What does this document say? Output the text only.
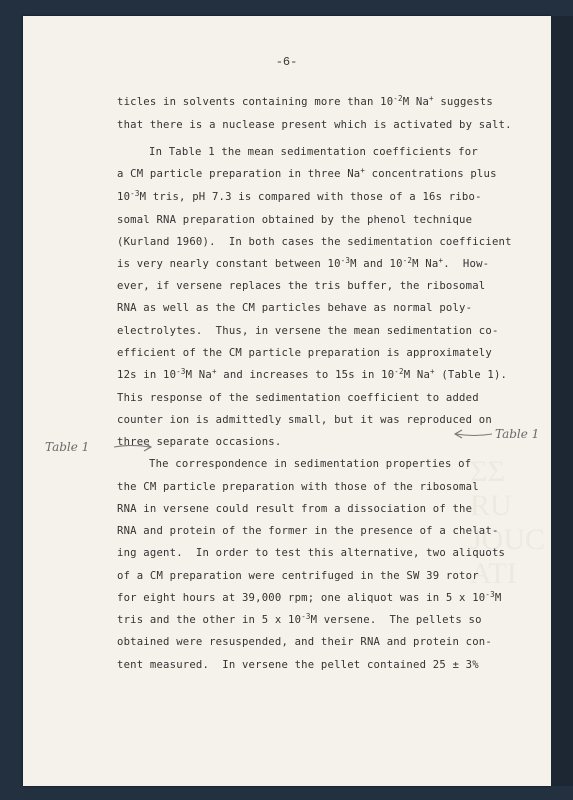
ΣΣ
RU
JOUC
ΑΤΙ
-6-
ticles in solvents containing more than $10^{-2}M$ Na+ suggests
that there is a nuclease present which is activated by salt.
In Table 1 the mean sedimentation coefficients for
a CM particle preparation in three Na+ concentrations plus
$10^{-3}M$ tris, pH 7.3 is compared with those of a 16s ribo-
somal RNA preparation obtained by the phenol technique
(Kurland 1960).  In both cases the sedimentation coefficient
is very nearly constant between $10^{-3}M$ and $10^{-2}M$ Na+.  How-
ever, if versene replaces the tris buffer, the ribosomal
RNA as well as the CM particles behave as normal poly-
electrolytes.  Thus, in versene the mean sedimentation co-
efficient of the CM particle preparation is approximately
12s in $10^{-3}M$ Na+ and increases to 15s in $10^{-2}M$ Na+ (Table 1).
This response of the sedimentation coefficient to added
counter ion is admittedly small, but it was reproduced on
three separate occasions.
The correspondence in sedimentation properties of
the CM particle preparation with those of the ribosomal
RNA in versene could result from a dissociation of the
RNA and protein of the former in the presence of a chelat-
ing agent.  In order to test this alternative, two aliquots
of a CM preparation were centrifuged in the SW 39 rotor
for eight hours at 39,000 rpm; one aliquot was in 5 x $10^{-3}M$
tris and the other in 5 x $10^{-3}M$ versene.  The pellets so
obtained were resuspended, and their RNA and protein con-
tent measured.  In versene the pellet contained 25 ± 3%
Table 1
Table 1
